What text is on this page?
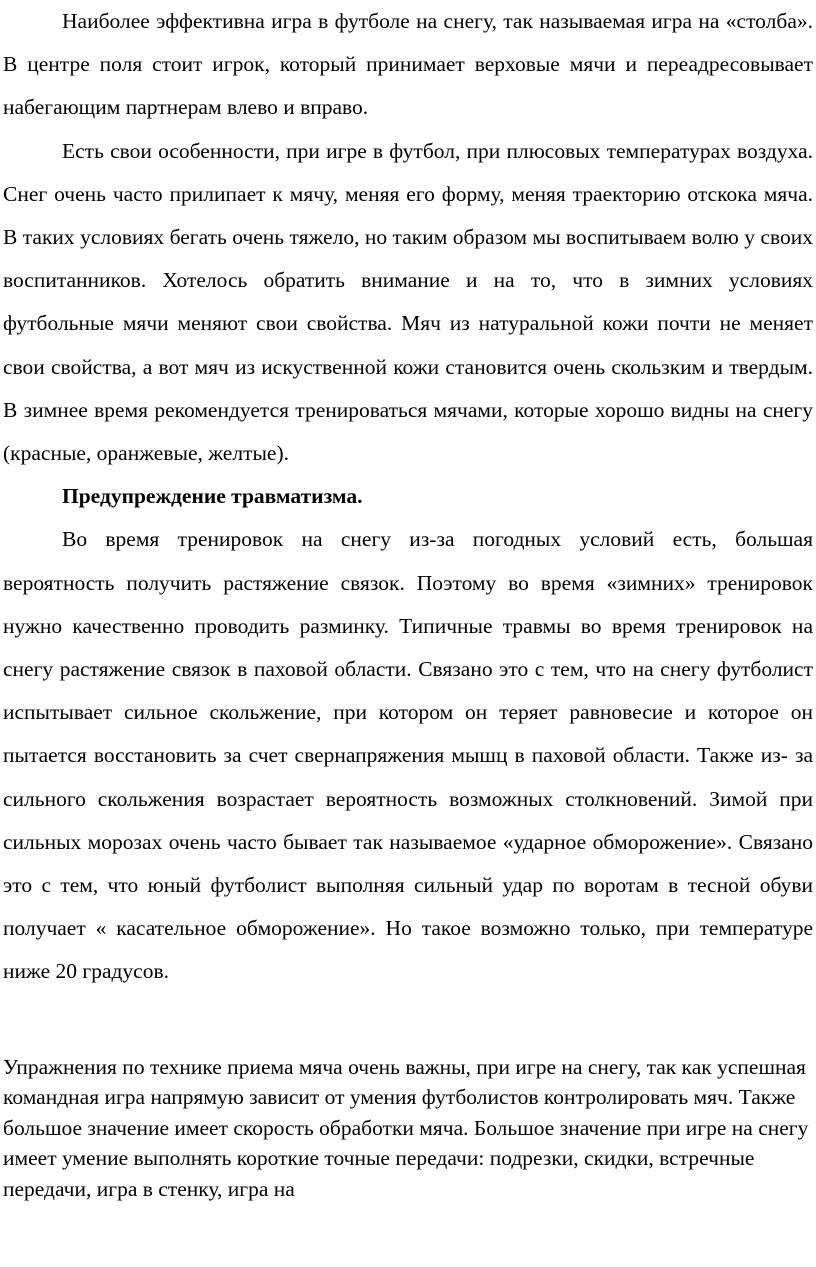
Наиболее эффективна игра в футболе на снегу, так называемая игра на «столба». В центре поля стоит игрок, который принимает верховые мячи и переадресовывает набегающим партнерам влево и вправо.

Есть свои особенности, при игре в футбол, при плюсовых температурах воздуха. Снег очень часто прилипает к мячу, меняя его форму, меняя траекторию отскока мяча. В таких условиях бегать очень тяжело, но таким образом мы воспитываем волю у своих воспитанников. Хотелось обратить внимание и на то, что в зимних условиях футбольные мячи меняют свои свойства. Мяч из натуральной кожи почти не меняет свои свойства, а вот мяч из искуственной кожи становится очень скользким и твердым. В зимнее время рекомендуется тренироваться мячами, которые хорошо видны на снегу (красные, оранжевые, желтые).

Предупреждение травматизма.

Во время тренировок на снегу из-за погодных условий есть, большая вероятность получить растяжение связок. Поэтому во время «зимних» тренировок нужно качественно проводить разминку. Типичные травмы во время тренировок на снегу растяжение связок в паховой области. Связано это с тем, что на снегу футболист испытывает сильное скольжение, при котором он теряет равновесие и которое он пытается восстановить за счет свернапряжения мышц в паховой области. Также из- за сильного скольжения возрастает вероятность возможных столкновений. Зимой при сильных морозах очень часто бывает так называемое «ударное обморожение». Связано это с тем, что юный футболист выполняя сильный удар по воротам в тесной обуви получает « касательное обморожение». Но такое возможно только, при температуре ниже 20 градусов.

Упражнения по технике приема мяча очень важны, при игре на снегу, так как успешная командная игра напрямую зависит от умения футболистов контролировать мяч. Также большое значение имеет скорость обработки мяча. Большое значение при игре на снегу имеет умение выполнять короткие точные передачи: подрезки, скидки, встречные передачи, игра в стенку, игра на
